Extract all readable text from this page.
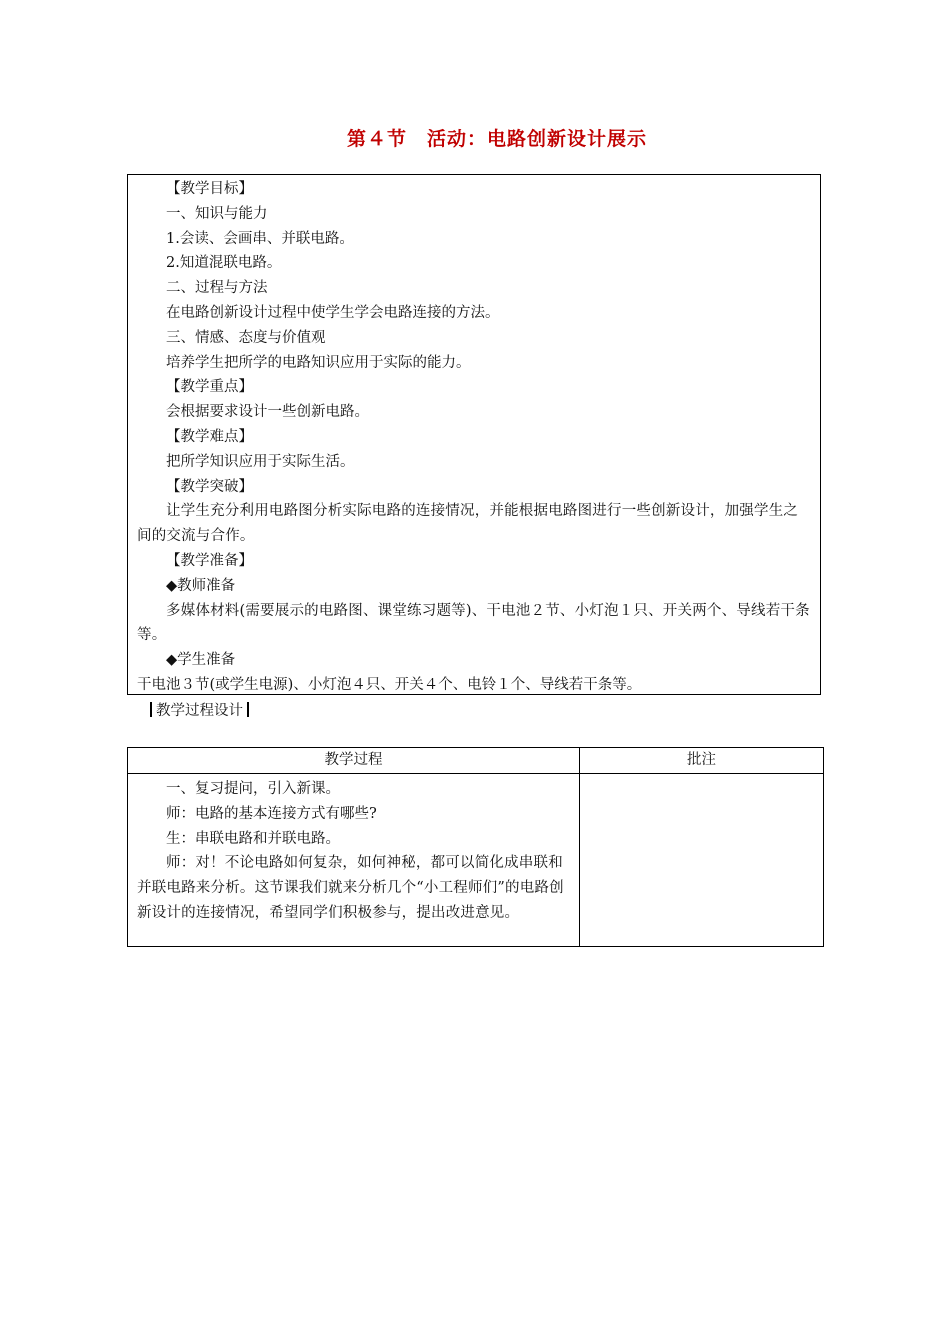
第４节　活动：电路创新设计展示
【教学目标】
一、知识与能力
1.会读、会画串、并联电路。
2.知道混联电路。
二、过程与方法
在电路创新设计过程中使学生学会电路连接的方法。
三、情感、态度与价值观
培养学生把所学的电路知识应用于实际的能力。
【教学重点】
会根据要求设计一些创新电路。
【教学难点】
把所学知识应用于实际生活。
【教学突破】
让学生充分利用电路图分析实际电路的连接情况，并能根据电路图进行一些创新设计，加强学生之间的交流与合作。
【教学准备】
◆教师准备
多媒体材料(需要展示的电路图、课堂练习题等)、干电池２节、小灯泡１只、开关两个、导线若干条等。
◆学生准备
干电池３节(或学生电源)、小灯泡４只、开关４个、电铃１个、导线若干条等。
教学过程设计
教学过程	批注

一、复习提问，引入新课。
师：电路的基本连接方式有哪些?
生：串联电路和并联电路。
师：对！不论电路如何复杂，如何神秘，都可以简化成串联和并联电路来分析。这节课我们就来分析几个“小工程师们”的电路创新设计的连接情况，希望同学们积极参与，提出改进意见。	
